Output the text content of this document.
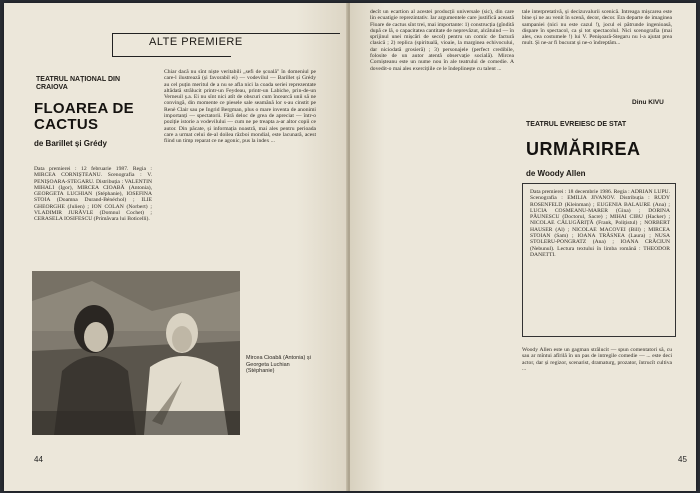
ALTE PREMIERE
TEATRUL NAȚIONAL DIN CRAIOVA
FLOAREA DE CACTUS
de Barillet și Grédy
Data premierei : 12 februarie 1987. Regia : MIRCEA CORNIȘTEANU. Scenografia : V. PENIȘOARA-STEGARU. Distribuția : VALENTIN MIHALI (Igor), MIRCEA CIOABĂ (Antonia), GEORGETA LUCHIAN (Stéphanie), IOSEFINA STOIA (Doamna Durand-Bénéchol) ; ILIE GHEORGHE (Julien) ; ION COLAN (Norbert) ; VLADIMIR JURĂVLE (Domnul Cochet) ; CERASELA IOSIFESCU (Primăvara lui Boticelli).
Chiar dacă nu sînt niște veritabili „sefi de școală" în domeniul pe care-l ilustrează (și favorabil ei) — vodevilul — Barillet și Grédy au cel puțin meritul de a nu se afla nici la coada seriei reprezentate altădată strălucit printr-un Feydeau, printr-un Labiche, prin-de-un Verneuil ș.a. Ei nu sînt nici atît de obscuri cum încearcă unii să ne convingă, din momente ce piesele sale seamănă lor s-au cinstit pe Renè Clair sau pe Ingrid Bergman, plus o mare inventa de anonimi importanți — spectatorii. Fără deloc de grea de apreciat — într-o poziție istorie a vodevilului — cum ne pe treapta a-ar altor copii ce autor. Din păcate, și informația noastră, mai ales pentru perioada care a urmat celui de-al doilea război mondial, este lacunară, acest fiind un timp reparat ce ne agonic, pus la index ...
Mircea Cioabă (Antonia) și Georgeta Luchian (Stéphanie)
44
decît un ecartion al acestei producții universale (sic), din care lin ecuatigie reprezintativ. Iar argumentele care justifică această Floare de cactus sînt trei, mai importante: 1) construcția (gîndită după ce lă, o capacitatea cantitate de neprevăzut, alcătuind — în sprijinul unei mișcări de secol) pentru un comic de factură clasică ; 2) replica (spirituală, vioaie, la marginea echivocului, dar niciodată grosieră) ; 3) personajele (perfect credibile, folosite de un autor atentă observație socială). Mircea Cornișteanu este un nume nou în ale teatrului de comedie. A dovedit-o mai ales exercițiile ce le îndeplinește cu talent ...
tale interpretativă, și decizuvalurii scenică. Intreaga mișcarea este bine și ne au venit în scenă, decor, decor. Era departe de imaginea sampaniei (nici nu este cazul !), jocul ei pătrunde ingenioasă, dispare în spectacol, ca și tot spectacolul. Nici scenografia (mai ales, cea costumele !) lui V. Penișoară-Stegaru nu l-a ajutat prea mult. Și ne-ar fi bucurat și ne-o îndreptăm...
Dinu KIVU
TEATRUL EVREIESC DE STAT
URMĂRIREA
de Woody Allen
Data premierei : 18 decembrie 1986. Regia : ADRIAN LUPU. Scenografia : EMILIA JIVANOV. Distribuția : RUDY ROSENFELD (Kleinman) ; EUGENIA BALAURE (Ana) ; LUCIA COSMEANU-MARER (Gina) ; DORINA PĂUNESCU (Doctorul, Sacre) ; MIHAI CIBU (Hacker) ; NICOLAE CĂLUGĂRIȚĂ (Frank, Polițistul) ; NORBERT HAUSER (Al) ; NICOLAE MACOVEI (Bill) ; MIRCEA STOIAN (Sam) ; IOANA TRĂSNEA (Laura) ; NUSA STOLERU-PONGRATZ (Ana) ; IOANA CRĂCIUN (Nebunul). Lectura textului în limba română : THEODOR DANETTI.
Woody Allen este un gagman strălucit — spun comentatori să, cu sau ar mîntui afîrilă în un pas de intregile comedie — ... este deci actor, dar și regizor, scenarist, dramaturg, prozator, întrucît cultiva ...
45
